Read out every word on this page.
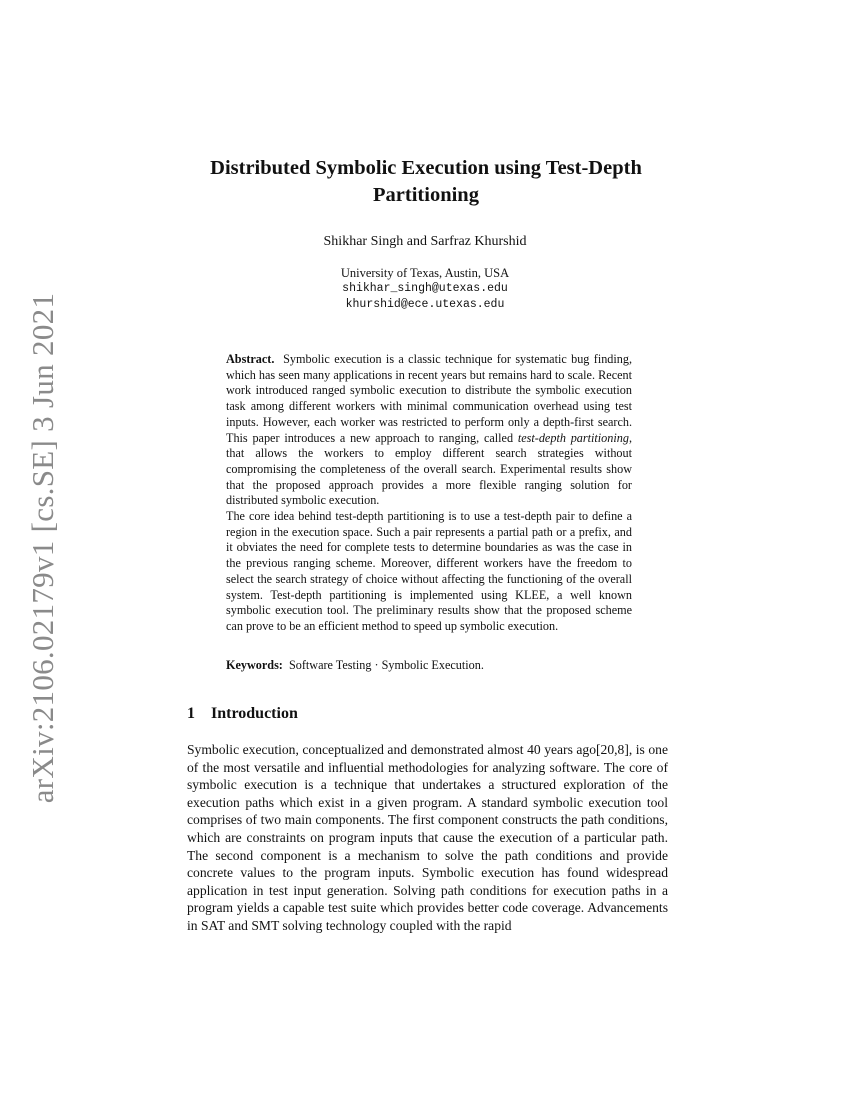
arXiv:2106.02179v1 [cs.SE] 3 Jun 2021
Distributed Symbolic Execution using Test-Depth
Partitioning
Shikhar Singh and Sarfraz Khurshid
University of Texas, Austin, USA
shikhar_singh@utexas.edu
khurshid@ece.utexas.edu

Abstract. Symbolic execution is a classic technique for systematic bug finding, which has seen many applications in recent years but remains hard to scale. Recent work introduced ranged symbolic execution to distribute the symbolic execution task among different workers with minimal communication overhead using test inputs. However, each worker was restricted to perform only a depth-first search. This paper introduces a new approach to ranging, called test-depth partitioning, that allows the workers to employ different search strategies without compromising the completeness of the overall search. Experimental results show that the proposed approach provides a more flexible ranging solution for distributed symbolic execution.

The core idea behind test-depth partitioning is to use a test-depth pair to define a region in the execution space. Such a pair represents a partial path or a prefix, and it obviates the need for complete tests to determine boundaries as was the case in the previous ranging scheme. Moreover, different workers have the freedom to select the search strategy of choice without affecting the functioning of the overall system. Test-depth partitioning is implemented using KLEE, a well known symbolic execution tool. The preliminary results show that the proposed scheme can prove to be an efficient method to speed up symbolic execution.

Keywords: Software Testing · Symbolic Execution.
1 Introduction

Symbolic execution, conceptualized and demonstrated almost 40 years ago[20,8], is one of the most versatile and influential methodologies for analyzing software. The core of symbolic execution is a technique that undertakes a structured exploration of the execution paths which exist in a given program. A standard symbolic execution tool comprises of two main components. The first component constructs the path conditions, which are constraints on program inputs that cause the execution of a particular path. The second component is a mechanism to solve the path conditions and provide concrete values to the program inputs. Symbolic execution has found widespread application in test input generation. Solving path conditions for execution paths in a program yields a capable test suite which provides better code coverage. Advancements in SAT and SMT solving technology coupled with the rapid
